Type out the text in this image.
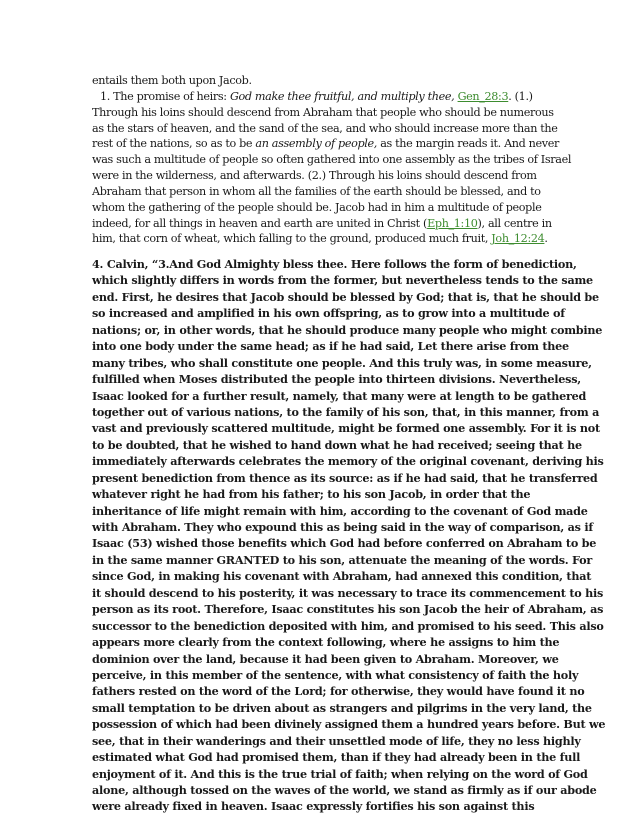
entails them both upon Jacob.
1. The promise of heirs: God make thee fruitful, and multiply thee, Gen_28:3. (1.)
Through his loins should descend from Abraham that people who should be numerous
as the stars of heaven, and the sand of the sea, and who should increase more than the
rest of the nations, so as to be an assembly of people, as the margin reads it. And never
was such a multitude of people so often gathered into one assembly as the tribes of Israel
were in the wilderness, and afterwards. (2.) Through his loins should descend from
Abraham that person in whom all the families of the earth should be blessed, and to
whom the gathering of the people should be. Jacob had in him a multitude of people
indeed, for all things in heaven and earth are united in Christ (Eph_1:10), all centre in
him, that corn of wheat, which falling to the ground, produced much fruit, Joh_12:24.
4. Calvin, “3.And God Almighty bless thee. Here follows the form of benediction,
which slightly differs in words from the former, but nevertheless tends to the same
end. First, he desires that Jacob should be blessed by God; that is, that he should be
so increased and amplified in his own offspring, as to grow into a multitude of
nations; or, in other words, that he should produce many people who might combine
into one body under the same head; as if he had said, Let there arise from thee
many tribes, who shall constitute one people. And this truly was, in some measure,
fulfilled when Moses distributed the people into thirteen divisions. Nevertheless,
Isaac looked for a further result, namely, that many were at length to be gathered
together out of various nations, to the family of his son, that, in this manner, from a
vast and previously scattered multitude, might be formed one assembly. For it is not
to be doubted, that he wished to hand down what he had received; seeing that he
immediately afterwards celebrates the memory of the original covenant, deriving his
present benediction from thence as its source: as if he had said, that he transferred
whatever right he had from his father; to his son Jacob, in order that the
inheritance of life might remain with him, according to the covenant of God made
with Abraham. They who expound this as being said in the way of comparison, as if
Isaac (53) wished those benefits which God had before conferred on Abraham to be
in the same manner GRANTED to his son, attenuate the meaning of the words. For
since God, in making his covenant with Abraham, had annexed this condition, that
it should descend to his posterity, it was necessary to trace its commencement to his
person as its root. Therefore, Isaac constitutes his son Jacob the heir of Abraham, as
successor to the benediction deposited with him, and promised to his seed. This also
appears more clearly from the context following, where he assigns to him the
dominion over the land, because it had been given to Abraham. Moreover, we
perceive, in this member of the sentence, with what consistency of faith the holy
fathers rested on the word of the Lord; for otherwise, they would have found it no
small temptation to be driven about as strangers and pilgrims in the very land, the
possession of which had been divinely assigned them a hundred years before. But we
see, that in their wanderings and their unsettled mode of life, they no less highly
estimated what God had promised them, than if they had already been in the full
enjoyment of it. And this is the true trial of faith; when relying on the word of God
alone, although tossed on the waves of the world, we stand as firmly as if our abode
were already fixed in heaven. Isaac expressly fortifies his son against this
